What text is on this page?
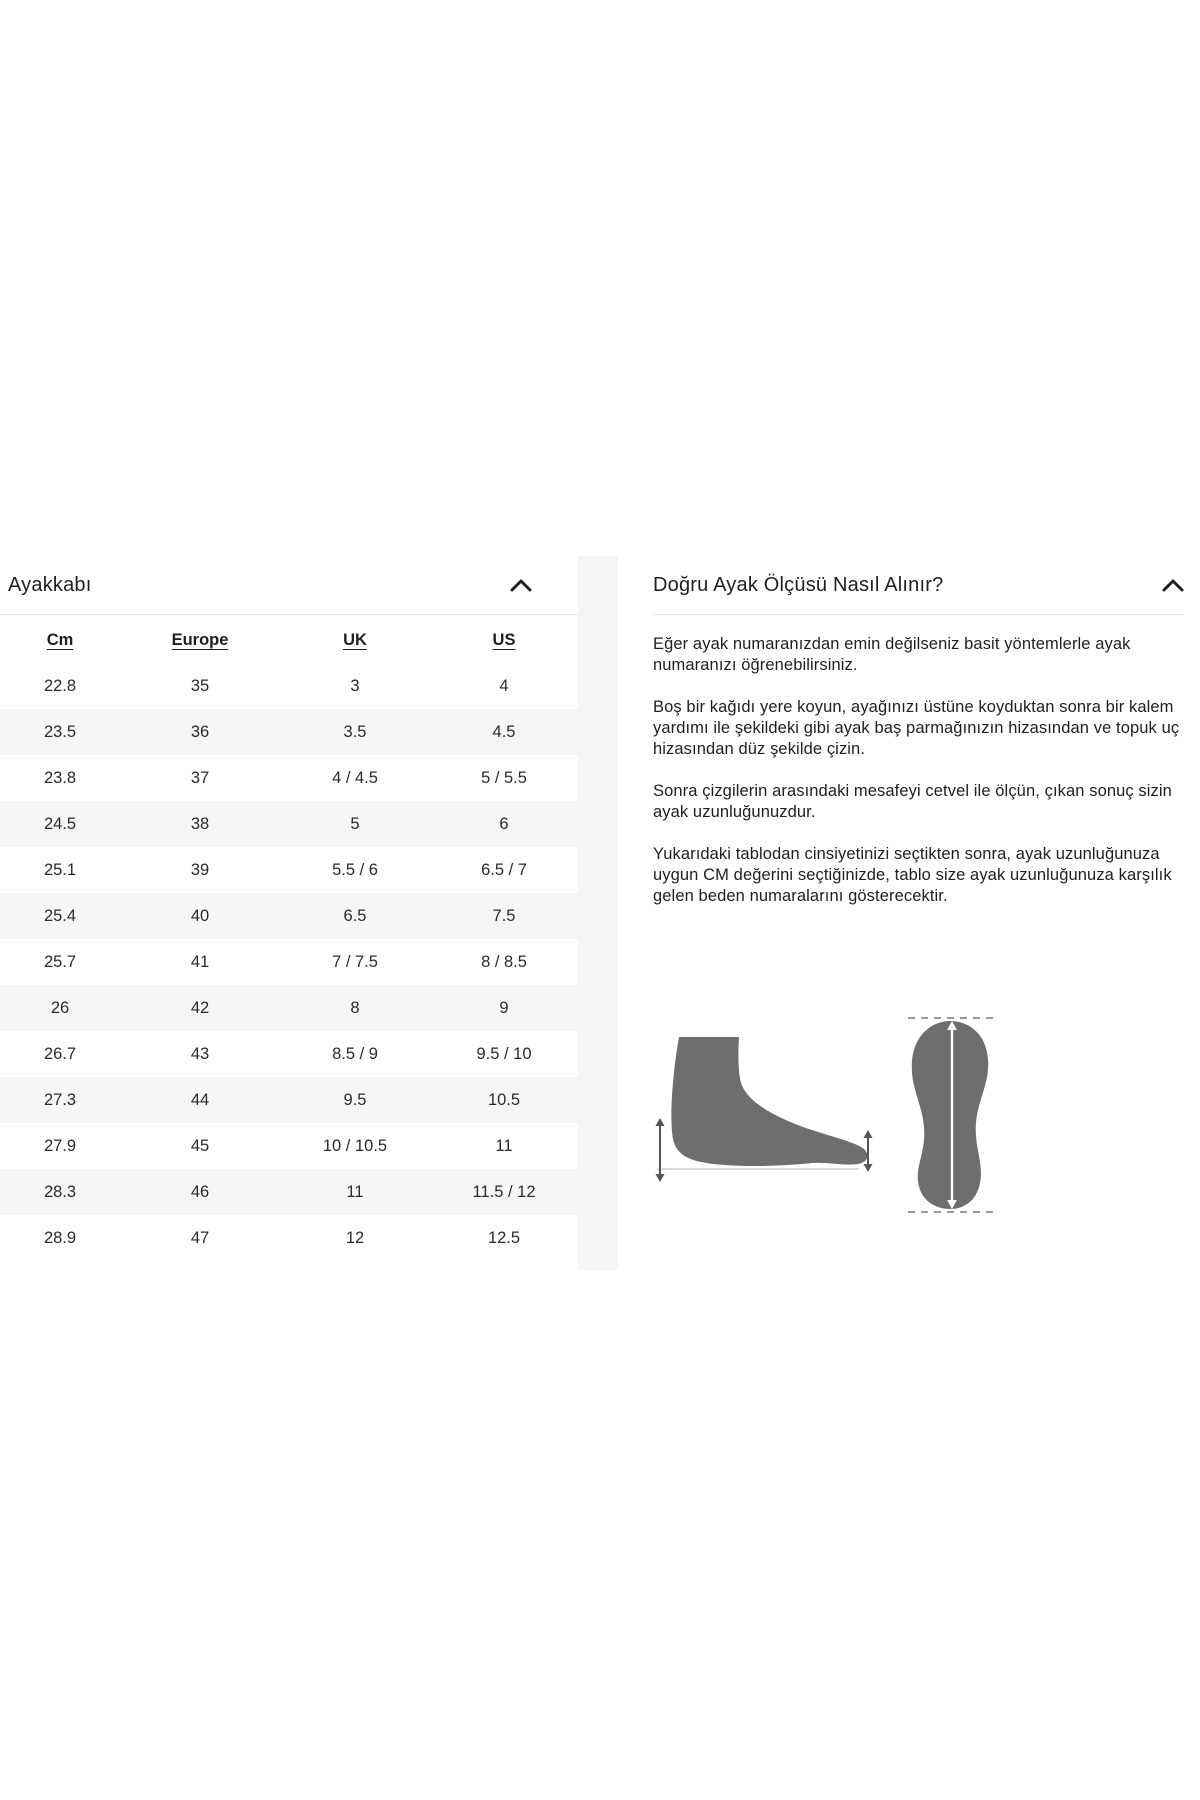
Ayakkabı
Cm	Europe	UK	US
22.8	35	3	4
23.5	36	3.5	4.5
23.8	37	4 / 4.5	5 / 5.5
24.5	38	5	6
25.1	39	5.5 / 6	6.5 / 7
25.4	40	6.5	7.5
25.7	41	7 / 7.5	8 / 8.5
26	42	8	9
26.7	43	8.5 / 9	9.5 / 10
27.3	44	9.5	10.5
27.9	45	10 / 10.5	11
28.3	46	11	11.5 / 12
28.9	47	12	12.5
Doğru Ayak Ölçüsü Nasıl Alınır?

Eğer ayak numaranızdan emin değilseniz basit yöntemlerle ayak numaranızı öğrenebilirsiniz.

Boş bir kağıdı yere koyun, ayağınızı üstüne koyduktan sonra bir kalem yardımı ile şekildeki gibi ayak baş parmağınızın hizasından ve topuk uç hizasından düz şekilde çizin.

Sonra çizgilerin arasındaki mesafeyi cetvel ile ölçün, çıkan sonuç sizin ayak uzunluğunuzdur.

Yukarıdaki tablodan cinsiyetinizi seçtikten sonra, ayak uzunluğunuza uygun CM değerini seçtiğinizde, tablo size ayak uzunluğunuza karşılık gelen beden numaralarını gösterecektir.
